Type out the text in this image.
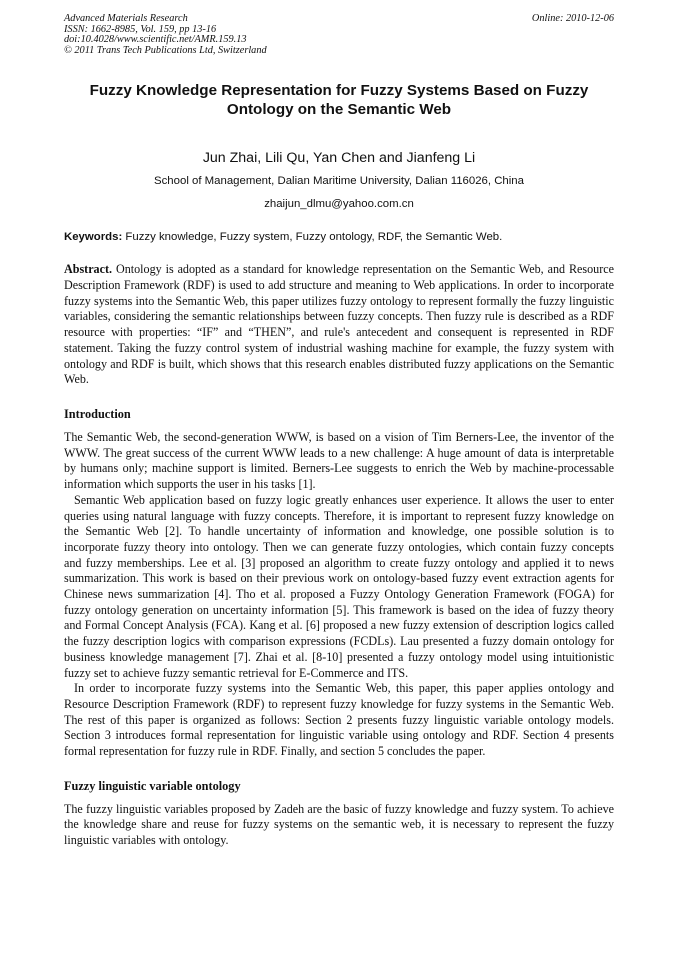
Advanced Materials Research
ISSN: 1662-8985, Vol. 159, pp 13-16
doi:10.4028/www.scientific.net/AMR.159.13
© 2011 Trans Tech Publications Ltd, Switzerland
Online: 2010-12-06
Fuzzy Knowledge Representation for Fuzzy Systems Based on Fuzzy Ontology on the Semantic Web
Jun Zhai, Lili Qu, Yan Chen and Jianfeng Li
School of Management, Dalian Maritime University, Dalian 116026, China
zhaijun_dlmu@yahoo.com.cn
Keywords: Fuzzy knowledge, Fuzzy system, Fuzzy ontology, RDF, the Semantic Web.

Abstract. Ontology is adopted as a standard for knowledge representation on the Semantic Web, and Resource Description Framework (RDF) is used to add structure and meaning to Web applications. In order to incorporate fuzzy systems into the Semantic Web, this paper utilizes fuzzy ontology to represent formally the fuzzy linguistic variables, considering the semantic relationships between fuzzy concepts. Then fuzzy rule is described as a RDF resource with properties: “IF” and “THEN”, and rule's antecedent and consequent is represented in RDF statement. Taking the fuzzy control system of industrial washing machine for example, the fuzzy system with ontology and RDF is built, which shows that this research enables distributed fuzzy applications on the Semantic Web.

Introduction

The Semantic Web, the second-generation WWW, is based on a vision of Tim Berners-Lee, the inventor of the WWW. The great success of the current WWW leads to a new challenge: A huge amount of data is interpretable by humans only; machine support is limited. Berners-Lee suggests to enrich the Web by machine-processable information which supports the user in his tasks [1].

Semantic Web application based on fuzzy logic greatly enhances user experience. It allows the user to enter queries using natural language with fuzzy concepts. Therefore, it is important to represent fuzzy knowledge on the Semantic Web [2]. To handle uncertainty of information and knowledge, one possible solution is to incorporate fuzzy theory into ontology. Then we can generate fuzzy ontologies, which contain fuzzy concepts and fuzzy memberships. Lee et al. [3] proposed an algorithm to create fuzzy ontology and applied it to news summarization. This work is based on their previous work on ontology-based fuzzy event extraction agents for Chinese news summarization [4]. Tho et al. proposed a Fuzzy Ontology Generation Framework (FOGA) for fuzzy ontology generation on uncertainty information [5]. This framework is based on the idea of fuzzy theory and Formal Concept Analysis (FCA). Kang et al. [6] proposed a new fuzzy extension of description logics called the fuzzy description logics with comparison expressions (FCDLs). Lau presented a fuzzy domain ontology for business knowledge management [7]. Zhai et al. [8-10] presented a fuzzy ontology model using intuitionistic fuzzy set to achieve fuzzy semantic retrieval for E-Commerce and ITS.

In order to incorporate fuzzy systems into the Semantic Web, this paper, this paper applies ontology and Resource Description Framework (RDF) to represent fuzzy knowledge for fuzzy systems in the Semantic Web. The rest of this paper is organized as follows: Section 2 presents fuzzy linguistic variable ontology models. Section 3 introduces formal representation for linguistic variable using ontology and RDF. Section 4 presents formal representation for fuzzy rule in RDF. Finally, and section 5 concludes the paper.

Fuzzy linguistic variable ontology

The fuzzy linguistic variables proposed by Zadeh are the basic of fuzzy knowledge and fuzzy system. To achieve the knowledge share and reuse for fuzzy systems on the semantic web, it is necessary to represent the fuzzy linguistic variables with ontology.
